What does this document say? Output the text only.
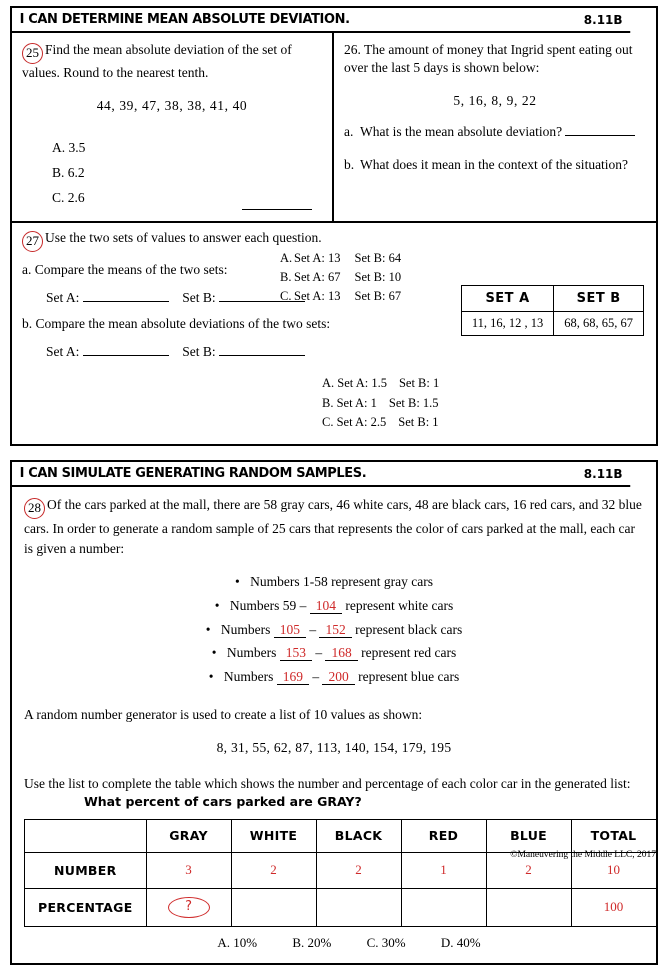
I CAN DETERMINE MEAN ABSOLUTE DEVIATION.	8.11B
25 Find the mean absolute deviation of the set of values. Round to the nearest tenth.
44, 39, 47, 38, 38, 41, 40
A. 3.5
B. 6.2
C. 2.6
26. The amount of money that Ingrid spent eating out over the last 5 days is shown below:
5, 16, 8, 9, 22
a. What is the mean absolute deviation?
b. What does it mean in the context of the situation?
27 Use the two sets of values to answer each question.
a. Compare the means of the two sets:
Set A:	Set B:
A. Set A: 13 Set B: 64
B. Set A: 67 Set B: 10
C. Set A: 13 Set B: 67	SET A	SET B
11, 16, 12 , 13	68, 68, 65, 67
b. Compare the mean absolute deviations of the two sets:
Set A:	Set B:
A. Set A: 1.5 Set B: 1
B. Set A: 1 Set B: 1.5
C. Set A: 2.5 Set B: 1
I CAN SIMULATE GENERATING RANDOM SAMPLES.	8.11B
28 Of the cars parked at the mall, there are 58 gray cars, 46 white cars, 48 are black cars, 16 red cars, and 32 blue cars. In order to generate a random sample of 25 cars that represents the color of cars parked at the mall, each car is given a number:
• Numbers 1-58 represent gray cars
• Numbers 59 – 104 represent white cars
• Numbers 105 – 152 represent black cars
• Numbers 153 – 168 represent red cars
• Numbers 169 – 200 represent blue cars
A random number generator is used to create a list of 10 values as shown:
8, 31, 55, 62, 87, 113, 140, 154, 179, 195
Use the list to complete the table which shows the number and percentage of each color car in the generated list:
What percent of cars parked are GRAY?
	GRAY	WHITE	BLACK	RED	BLUE	TOTAL
NUMBER	3	2	2	1	2	10
PERCENTAGE	?					100
A. 10%	B. 20%	C. 30%	D. 40%
©Maneuvering the Middle LLC, 2017
